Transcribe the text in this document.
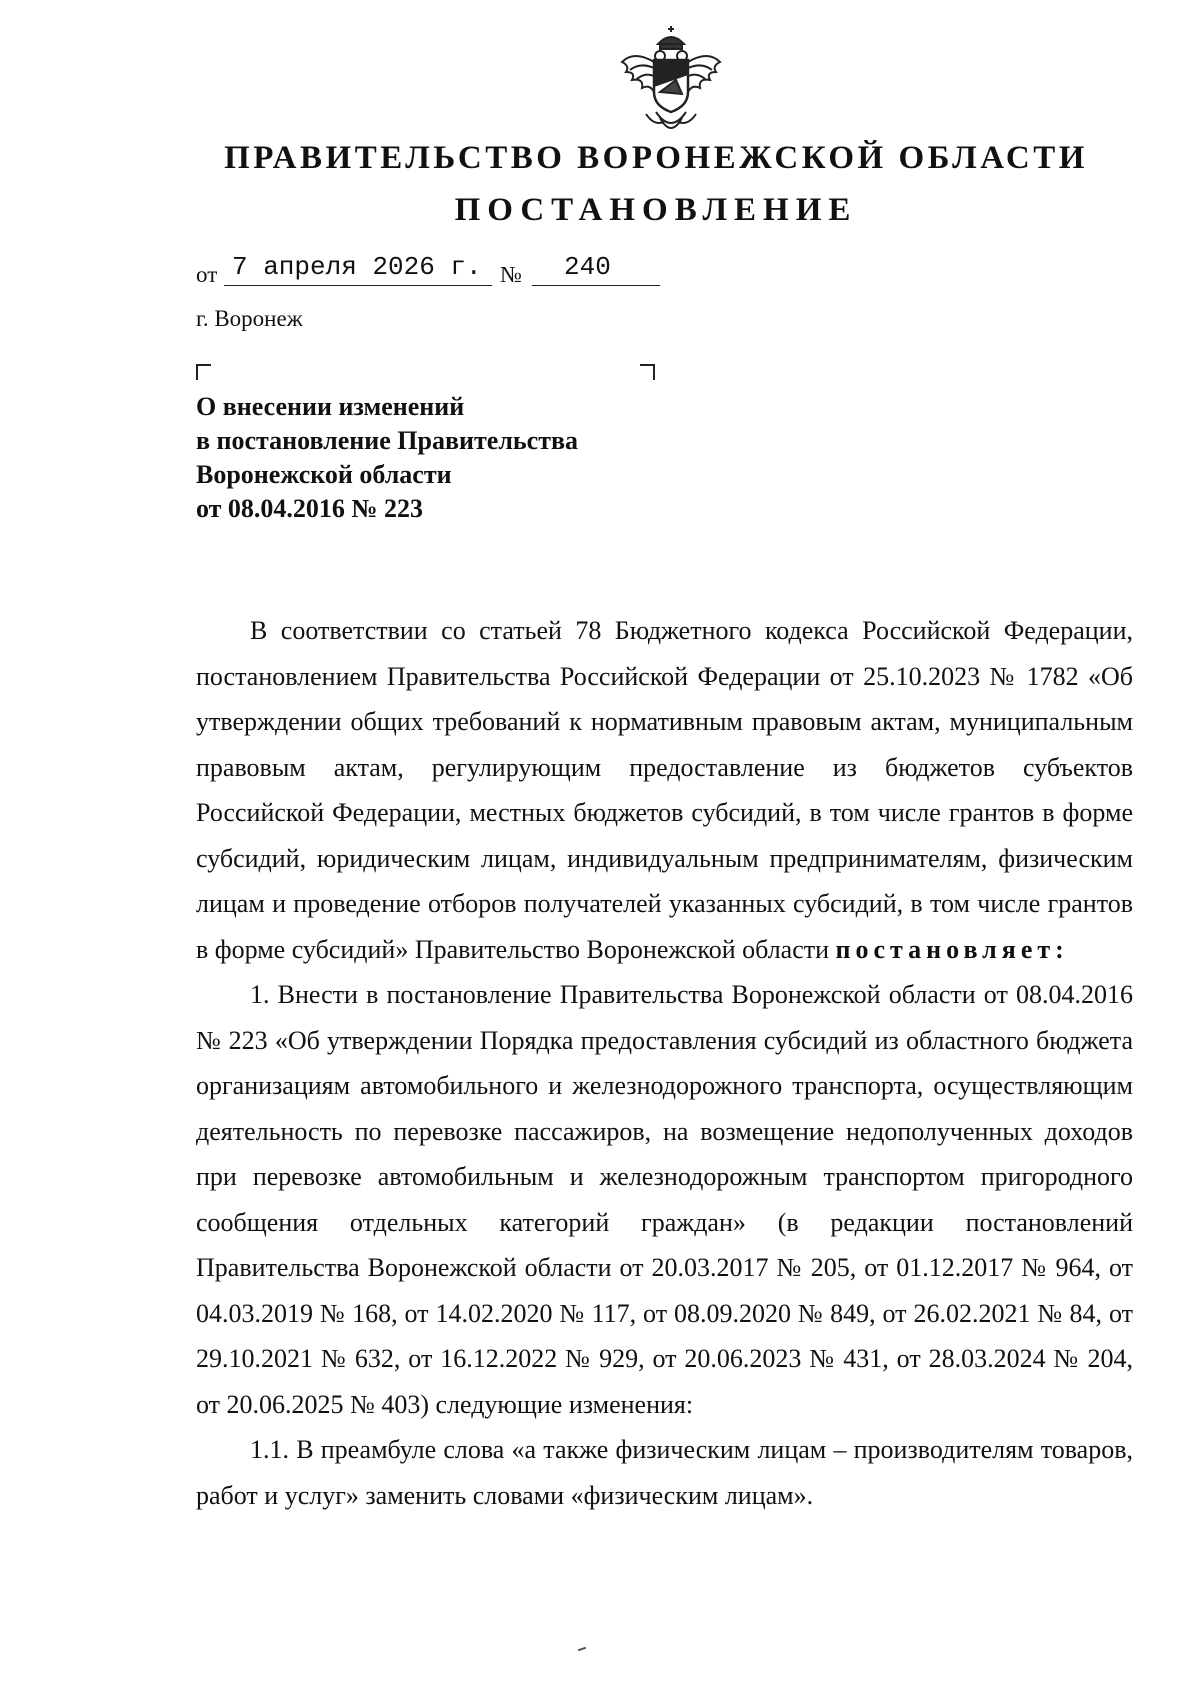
ПРАВИТЕЛЬСТВО ВОРОНЕЖСКОЙ ОБЛАСТИ
ПОСТАНОВЛЕНИЕ
от 7 апреля 2026 г. №	240
г. Воронеж
О внесении изменений
в постановление Правительства
Воронежской области
от 08.04.2016 № 223

В соответствии со статьей 78 Бюджетного кодекса Российской Федерации, постановлением Правительства Российской Федерации от 25.10.2023 № 1782 «Об утверждении общих требований к нормативным правовым актам, муниципальным правовым актам, регулирующим предоставление из бюджетов субъектов Российской Федерации, местных бюджетов субсидий, в том числе грантов в форме субсидий, юридическим лицам, индивидуальным предпринимателям, физическим лицам и проведение отборов получателей указанных субсидий, в том числе грантов в форме субсидий» Правительство Воронежской области постановляет:

1. Внести в постановление Правительства Воронежской области от 08.04.2016 № 223 «Об утверждении Порядка предоставления субсидий из областного бюджета организациям автомобильного и железнодорожного транспорта, осуществляющим деятельность по перевозке пассажиров, на возмещение недополученных доходов при перевозке автомобильным и железнодорожным транспортом пригородного сообщения отдельных категорий граждан» (в редакции постановлений Правительства Воронежской области от 20.03.2017 № 205, от 01.12.2017 № 964, от 04.03.2019 № 168, от 14.02.2020 № 117, от 08.09.2020 № 849, от 26.02.2021 № 84, от 29.10.2021 № 632, от 16.12.2022 № 929, от 20.06.2023 № 431, от 28.03.2024 № 204, от 20.06.2025 № 403) следующие изменения:

1.1. В преамбуле слова «а также физическим лицам – производителям товаров, работ и услуг» заменить словами «физическим лицам».
